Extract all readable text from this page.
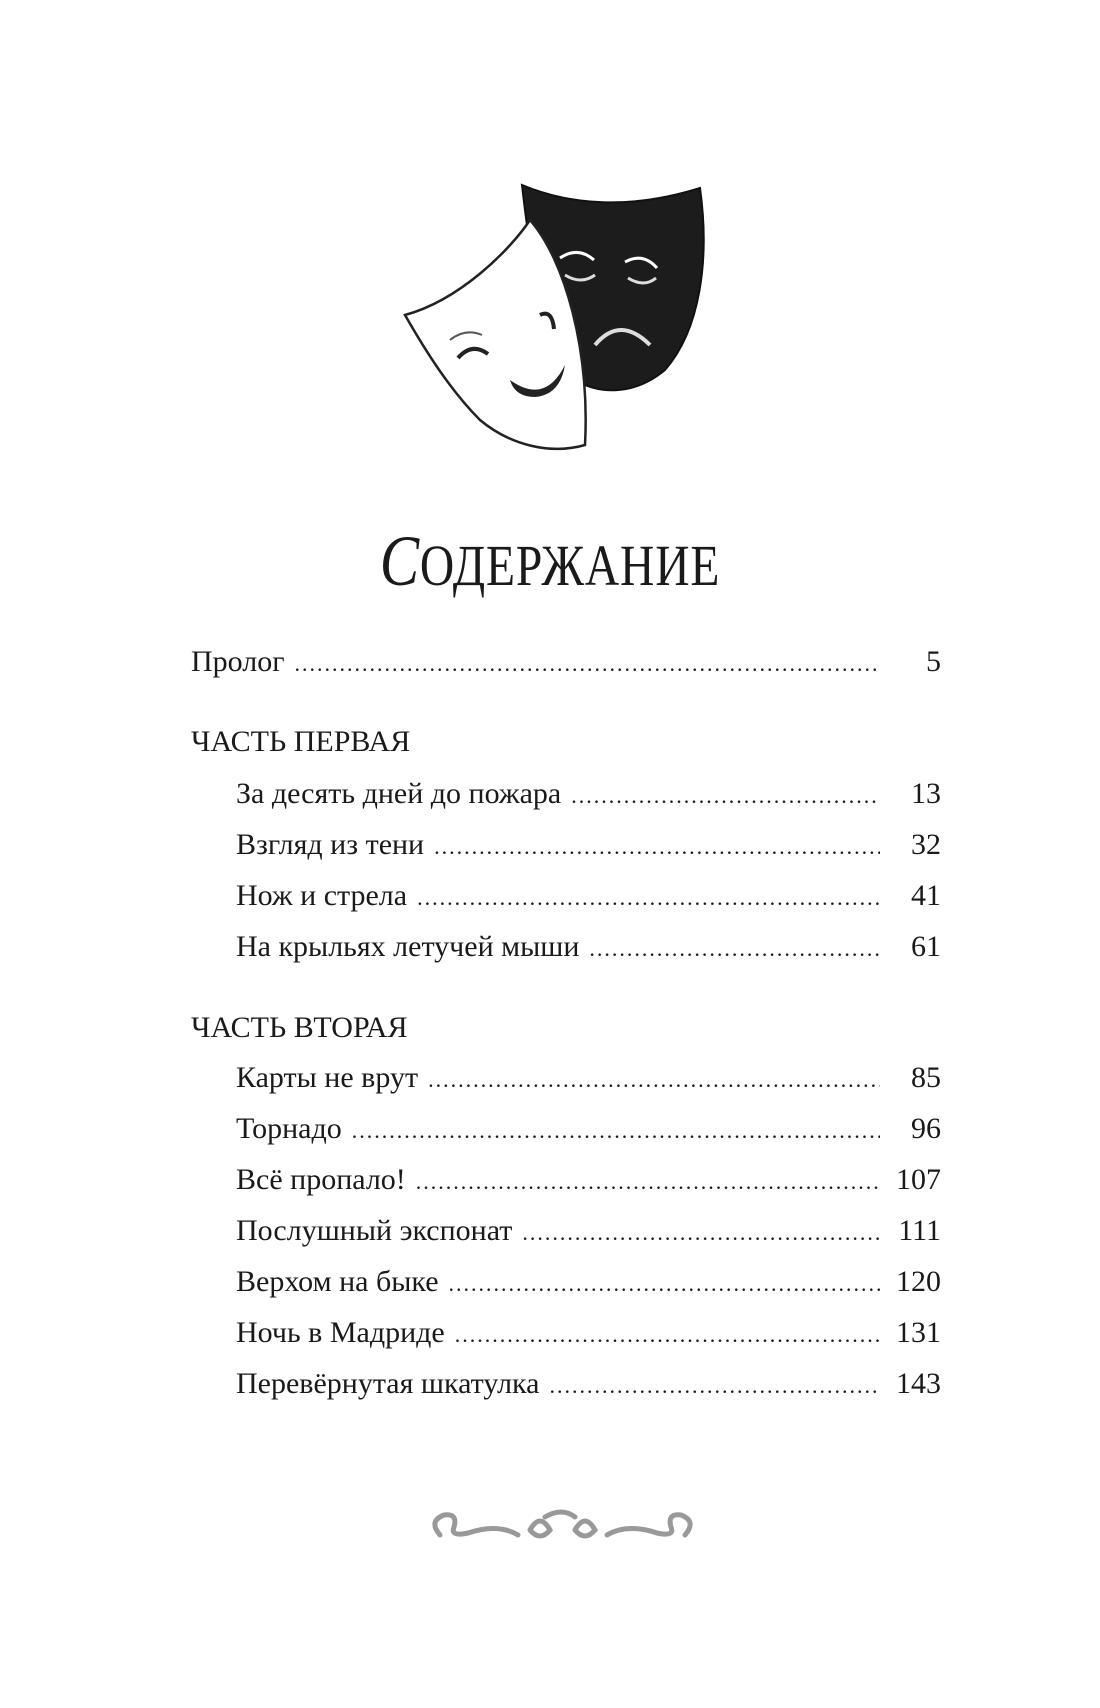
СОДЕРЖАНИЕ
Пролог .....	5
ЧАСТЬ ПЕРВАЯ
За десять дней до пожара .....	13
Взгляд из тени .....	32
Нож и стрела .....	41
На крыльях летучей мыши .....	61
ЧАСТЬ ВТОРАЯ
Карты не врут .....	85
Торнадо .....	96
Всё пропало! .....	107
Послушный экспонат .....	111
Верхом на быке .....	120
Ночь в Мадриде .....	131
Перевёрнутая шкатулка .....	143
